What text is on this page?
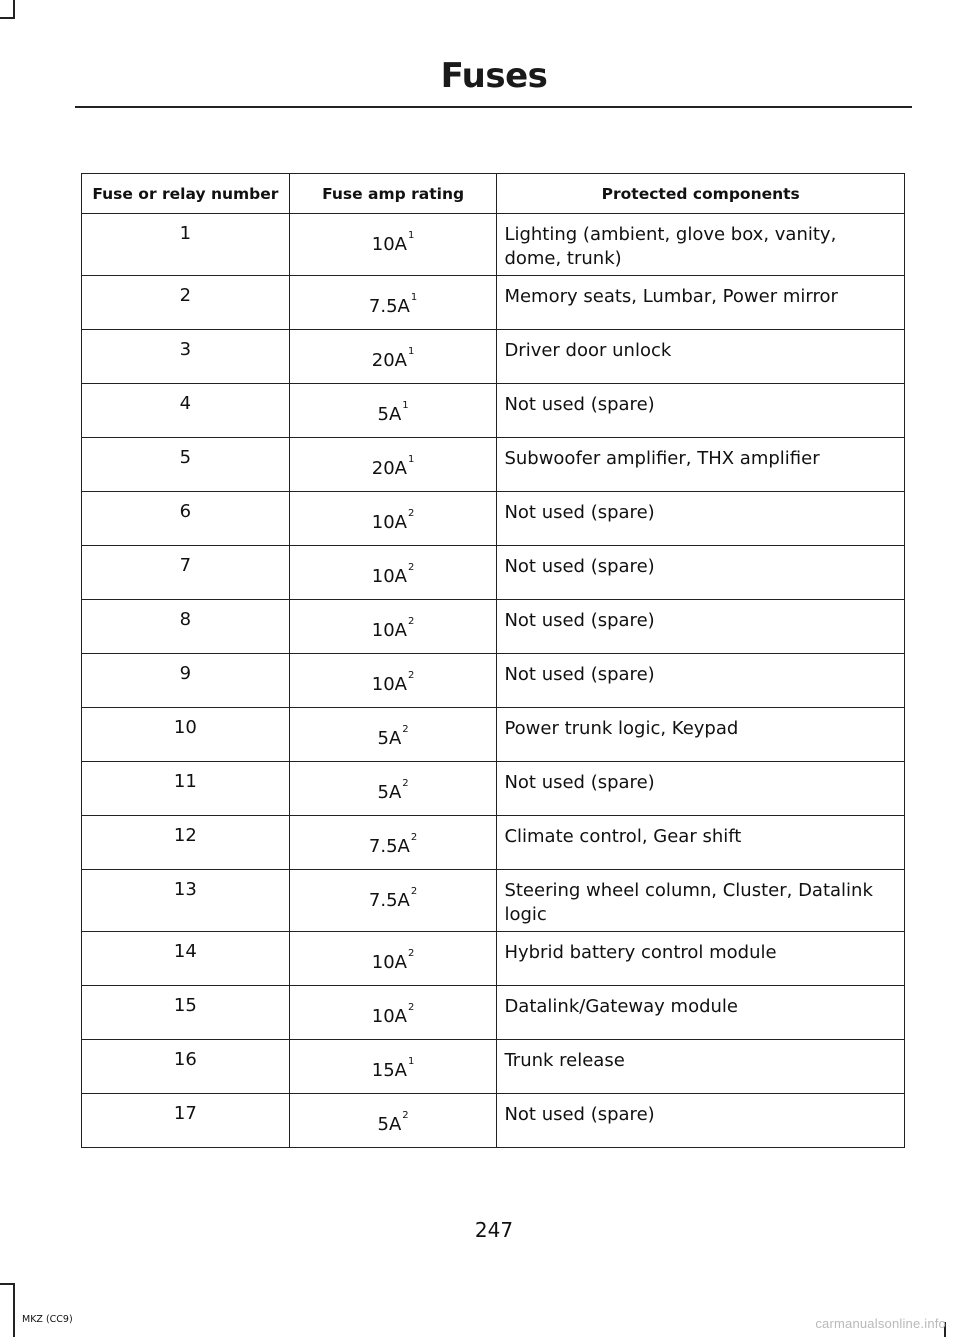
Fuses
Fuse or relay number	Fuse amp rating	Protected components
1	$10A^1$	Lighting (ambient, glove box, vanity, dome, trunk)
2	$7.5A^1$	Memory seats, Lumbar, Power mirror
3	$20A^1$	Driver door unlock
4	$5A^1$	Not used (spare)
5	$20A^1$	Subwoofer amplifier, THX amplifier
6	$10A^2$	Not used (spare)
7	$10A^2$	Not used (spare)
8	$10A^2$	Not used (spare)
9	$10A^2$	Not used (spare)
10	$5A^2$	Power trunk logic, Keypad
11	$5A^2$	Not used (spare)
12	$7.5A^2$	Climate control, Gear shift
13	$7.5A^2$	Steering wheel column, Cluster, Datalink logic
14	$10A^2$	Hybrid battery control module
15	$10A^2$	Datalink/Gateway module
16	$15A^1$	Trunk release
17	$5A^2$	Not used (spare)
247
MKZ (CC9)	carmanualsonline.info
